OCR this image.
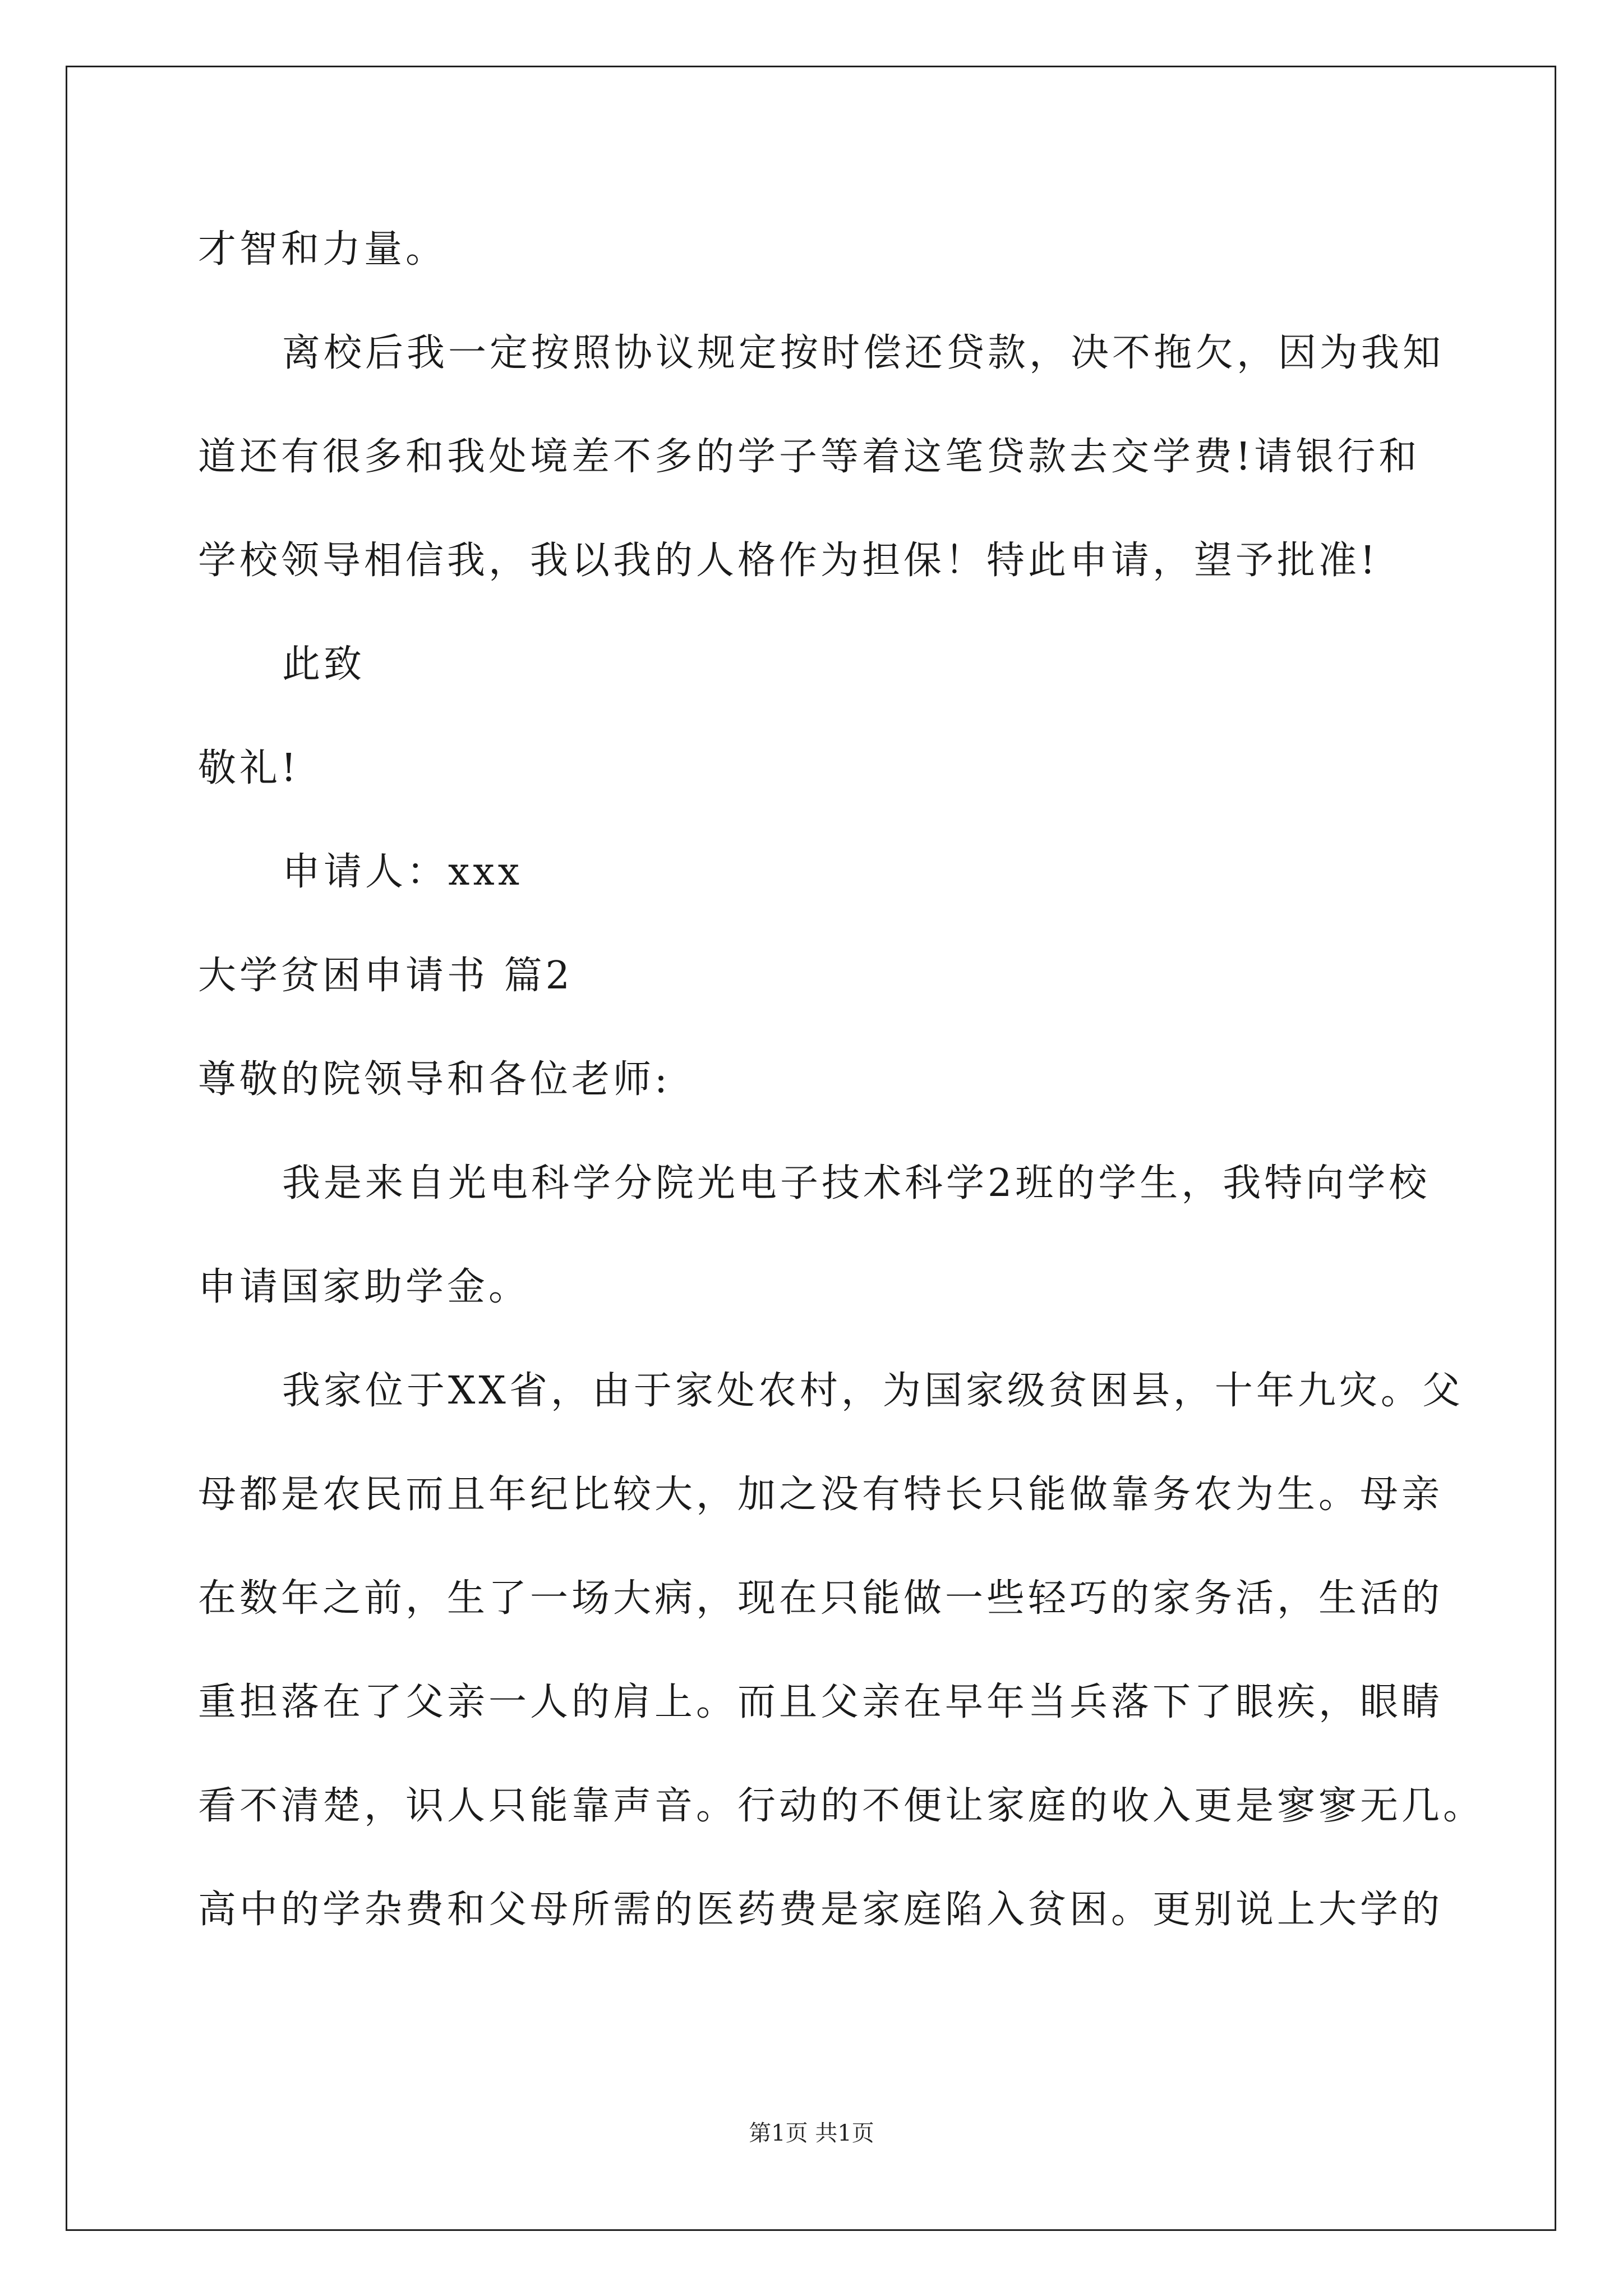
才智和力量。
离校后我一定按照协议规定按时偿还贷款，决不拖欠，因为我知
道还有很多和我处境差不多的学子等着这笔贷款去交学费!请银行和
学校领导相信我，我以我的人格作为担保！特此申请，望予批准!
此致
敬礼!
申请人：xxx
大学贫困申请书 篇2
尊敬的院领导和各位老师:
我是来自光电科学分院光电子技术科学2班的学生，我特向学校
申请国家助学金。
我家位于XX省，由于家处农村，为国家级贫困县，十年九灾。父
母都是农民而且年纪比较大，加之没有特长只能做靠务农为生。母亲
在数年之前，生了一场大病，现在只能做一些轻巧的家务活，生活的
重担落在了父亲一人的肩上。而且父亲在早年当兵落下了眼疾，眼睛
看不清楚，识人只能靠声音。行动的不便让家庭的收入更是寥寥无几。
高中的学杂费和父母所需的医药费是家庭陷入贫困。更别说上大学的
第1页 共1页
